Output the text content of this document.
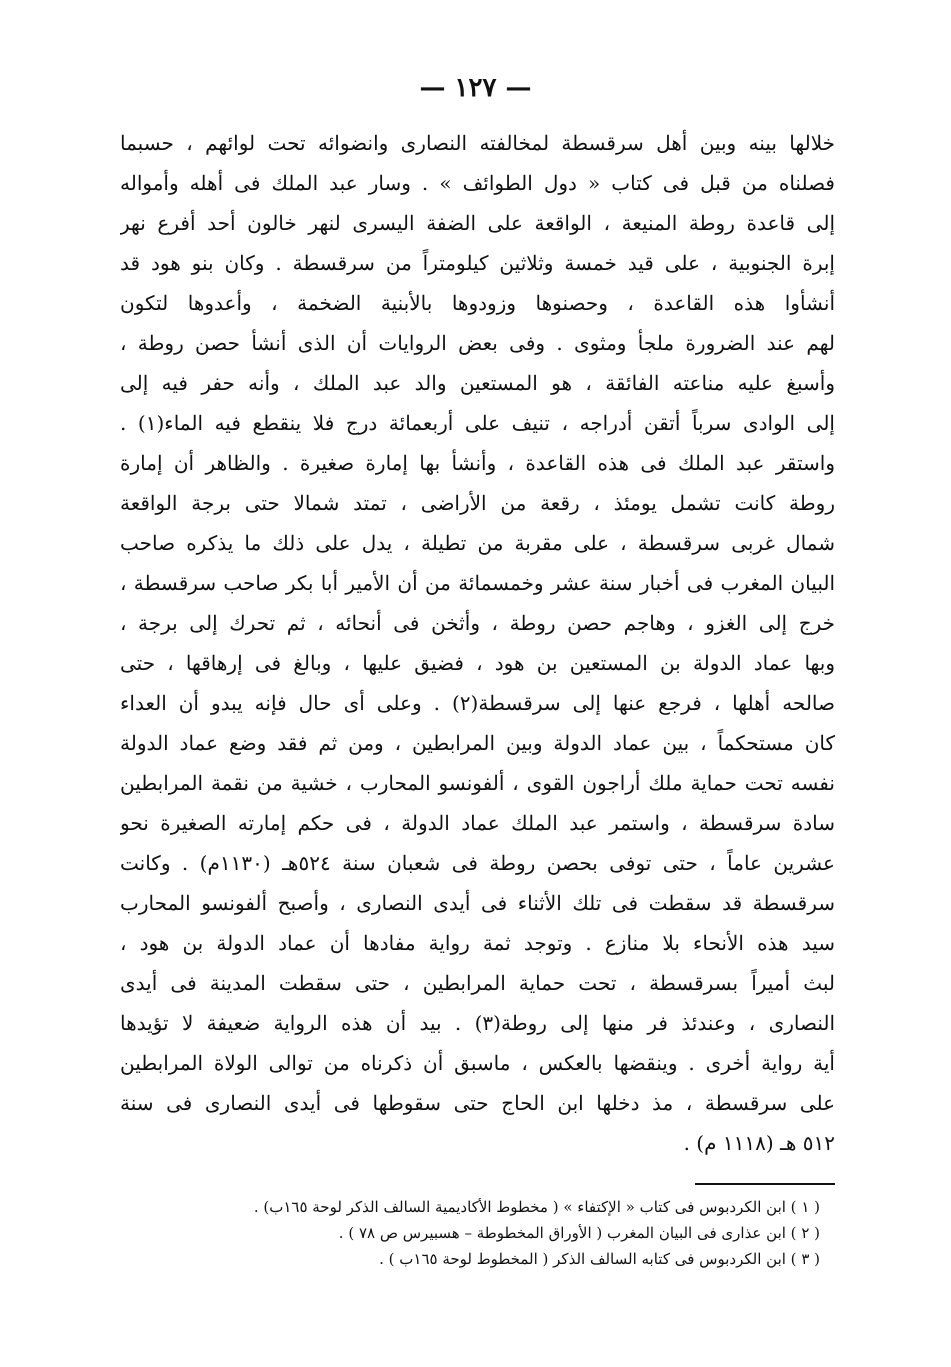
— ١٢٧ —
خلالها بينه وبين أهل سرقسطة لمخالفته النصارى وانضوائه تحت لوائهم ، حسبما
فصلناه من قبل فى كتاب « دول الطوائف » . وسار عبد الملك فى أهله وأمواله
إلى قاعدة روطة المنيعة ، الواقعة على الضفة اليسرى لنهر خالون أحد أفرع نهر
إبرة الجنوبية ، على قيد خمسة وثلاثين كيلومتراً من سرقسطة . وكان بنو هود قد
أنشأوا هذه القاعدة ، وحصنوها وزودوها بالأبنية الضخمة ، وأعدوها لتكون
لهم عند الضرورة ملجأ ومثوى . وفى بعض الروايات أن الذى أنشأ حصن روطة ،
وأسبغ عليه مناعته الفائقة ، هو المستعين والد عبد الملك ، وأنه حفر فيه إلى
إلى الوادى سرباً أتقن أدراجه ، تنيف على أربعمائة درج فلا ينقطع فيه الماء(١) .
واستقر عبد الملك فى هذه القاعدة ، وأنشأ بها إمارة صغيرة . والظاهر أن إمارة
روطة كانت تشمل يومئذ ، رقعة من الأراضى ، تمتد شمالا حتى برجة الواقعة
شمال غربى سرقسطة ، على مقربة من تطيلة ، يدل على ذلك ما يذكره صاحب
البيان المغرب فى أخبار سنة عشر وخمسمائة من أن الأمير أبا بكر صاحب سرقسطة ،
خرج إلى الغزو ، وهاجم حصن روطة ، وأثخن فى أنحائه ، ثم تحرك إلى برجة ،
وبها عماد الدولة بن المستعين بن هود ، فضيق عليها ، وبالغ فى إرهاقها ، حتى
صالحه أهلها ، فرجع عنها إلى سرقسطة(٢) . وعلى أى حال فإنه يبدو أن العداء
كان مستحكماً ، بين عماد الدولة وبين المرابطين ، ومن ثم فقد وضع عماد الدولة
نفسه تحت حماية ملك أراجون القوى ، ألفونسو المحارب ، خشية من نقمة المرابطين
سادة سرقسطة ، واستمر عبد الملك عماد الدولة ، فى حكم إمارته الصغيرة نحو
عشرين عاماً ، حتى توفى بحصن روطة فى شعبان سنة ٥٢٤هـ (١١٣٠م) . وكانت
سرقسطة قد سقطت فى تلك الأثناء فى أيدى النصارى ، وأصبح ألفونسو المحارب
سيد هذه الأنحاء بلا منازع . وتوجد ثمة رواية مفادها أن عماد الدولة بن هود ،
لبث أميراً بسرقسطة ، تحت حماية المرابطين ، حتى سقطت المدينة فى أيدى
النصارى ، وعندئذ فر منها إلى روطة(٣) . بيد أن هذه الرواية ضعيفة لا تؤيدها
أية رواية أخرى . وينقضها بالعكس ، ماسبق أن ذكرناه من توالى الولاة المرابطين
على سرقسطة ، مذ دخلها ابن الحاج حتى سقوطها فى أيدى النصارى فى سنة
٥١٢ هـ (١١١٨ م) .
( ١ ) ابن الكردبوس فى كتاب « الإكتفاء » ( مخطوط الأكاديمية السالف الذكر لوحة ١٦٥ب) .
( ٢ ) ابن عذارى فى البيان المغرب ( الأوراق المخطوطة – هسبيرس ص ٧٨ ) .
( ٣ ) ابن الكردبوس فى كتابه السالف الذكر ( المخطوط لوحة ١٦٥ب ) .
